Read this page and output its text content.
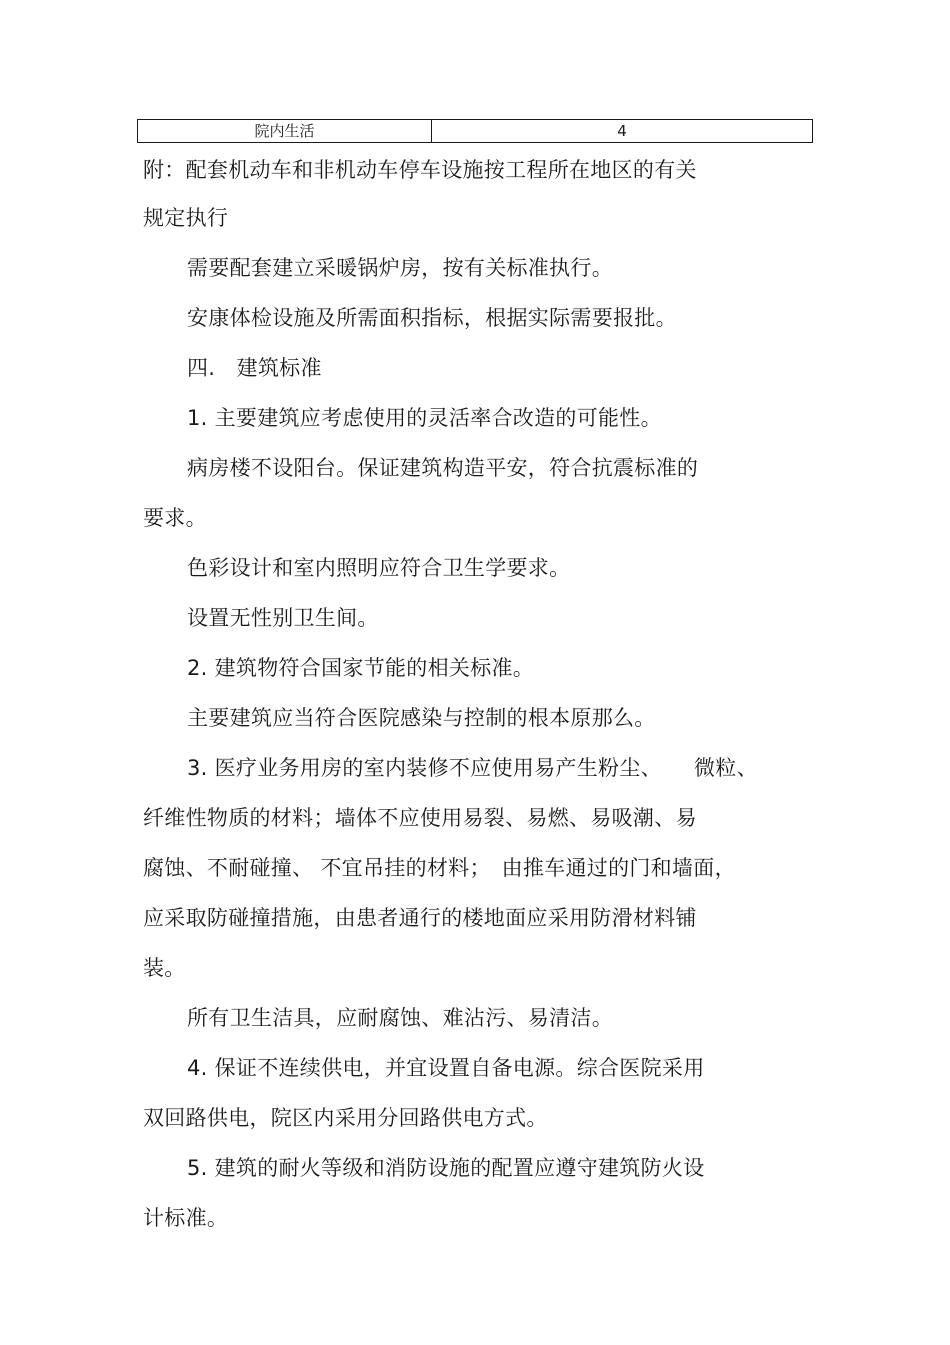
院内生活	4
附：配套机动车和非机动车停车设施按工程所在地区的有关
规定执行
需要配套建立采暖锅炉房，按有关标准执行。
安康体检设施及所需面积指标，根据实际需要报批。
四.　建筑标准
1. 主要建筑应考虑使用的灵活率合改造的可能性。
病房楼不设阳台。保证建筑构造平安，符合抗震标准的
要求。
色彩设计和室内照明应符合卫生学要求。
设置无性别卫生间。
2. 建筑物符合国家节能的相关标准。
主要建筑应当符合医院感染与控制的根本原那么。
3. 医疗业务用房的室内装修不应使用易产生粉尘、　　微粒、
纤维性物质的材料；墙体不应使用易裂、易燃、易吸潮、易
腐蚀、不耐碰撞、 不宜吊挂的材料；　由推车通过的门和墙面，
应采取防碰撞措施，由患者通行的楼地面应采用防滑材料铺
装。
所有卫生洁具，应耐腐蚀、难沾污、易清洁。
4. 保证不连续供电，并宜设置自备电源。综合医院采用
双回路供电，院区内采用分回路供电方式。
5. 建筑的耐火等级和消防设施的配置应遵守建筑防火设
计标准。
